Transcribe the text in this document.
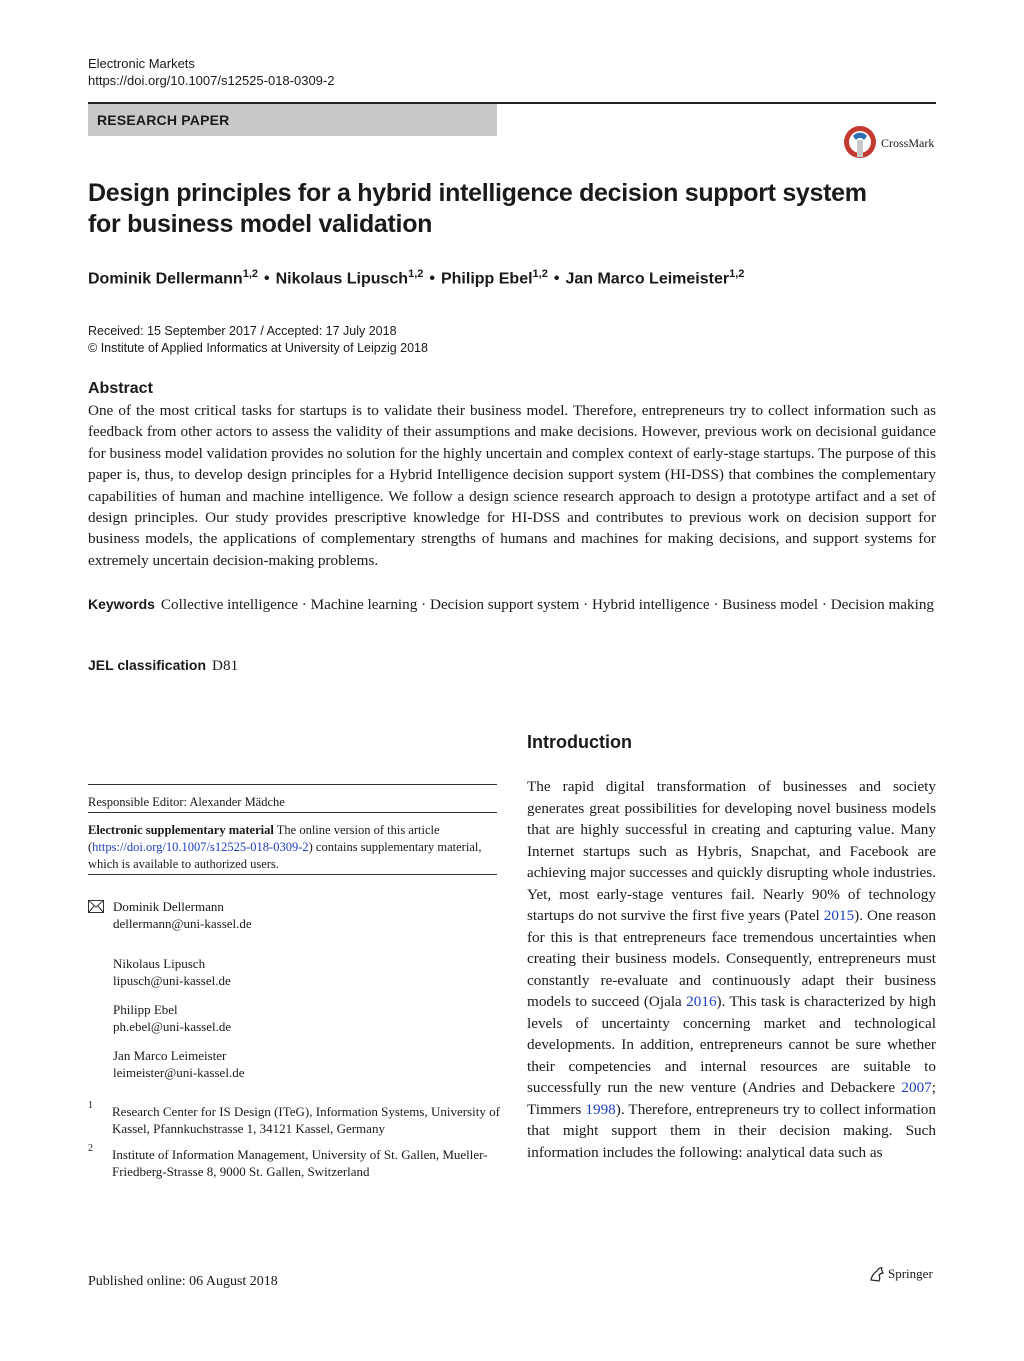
Electronic Markets
https://doi.org/10.1007/s12525-018-0309-2
RESEARCH PAPER
CrossMark
Design principles for a hybrid intelligence decision support system for business model validation
Dominik Dellermann$^{1,2}$ • Nikolaus Lipusch$^{1,2}$ • Philipp Ebel$^{1,2}$ • Jan Marco Leimeister$^{1,2}$
Received: 15 September 2017 / Accepted: 17 July 2018
© Institute of Applied Informatics at University of Leipzig 2018
Abstract
One of the most critical tasks for startups is to validate their business model. Therefore, entrepreneurs try to collect information such as feedback from other actors to assess the validity of their assumptions and make decisions. However, previous work on decisional guidance for business model validation provides no solution for the highly uncertain and complex context of early-stage startups. The purpose of this paper is, thus, to develop design principles for a Hybrid Intelligence decision support system (HI-DSS) that combines the complementary capabilities of human and machine intelligence. We follow a design science research approach to design a prototype artifact and a set of design principles. Our study provides prescriptive knowledge for HI-DSS and contributes to previous work on decision support for business models, the applications of complementary strengths of humans and machines for making decisions, and support systems for extremely uncertain decision-making problems.
Keywords Collective intelligence · Machine learning · Decision support system · Hybrid intelligence · Business model · Decision making
JEL classification D81
Responsible Editor: Alexander Mädche
Electronic supplementary material The online version of this article (https://doi.org/10.1007/s12525-018-0309-2) contains supplementary material, which is available to authorized users.
Dominik Dellermann
dellermann@uni-kassel.de
Nikolaus Lipusch
lipusch@uni-kassel.de
Philipp Ebel
ph.ebel@uni-kassel.de
Jan Marco Leimeister
leimeister@uni-kassel.de
1 Research Center for IS Design (ITeG), Information Systems, University of Kassel, Pfannkuchstrasse 1, 34121 Kassel, Germany
2 Institute of Information Management, University of St. Gallen, Mueller-Friedberg-Strasse 8, 9000 St. Gallen, Switzerland
Introduction
The rapid digital transformation of businesses and society generates great possibilities for developing novel business models that are highly successful in creating and capturing value. Many Internet startups such as Hybris, Snapchat, and Facebook are achieving major successes and quickly disrupting whole industries. Yet, most early-stage ventures fail. Nearly 90% of technology startups do not survive the first five years (Patel 2015). One reason for this is that entrepreneurs face tremendous uncertainties when creating their business models. Consequently, entrepreneurs must constantly re-evaluate and continuously adapt their business models to succeed (Ojala 2016). This task is characterized by high levels of uncertainty concerning market and technological developments. In addition, entrepreneurs cannot be sure whether their competencies and internal resources are suitable to successfully run the new venture (Andries and Debackere 2007; Timmers 1998). Therefore, entrepreneurs try to collect information that might support them in their decision making. Such information includes the following: analytical data such as
Published online: 06 August 2018
Springer
